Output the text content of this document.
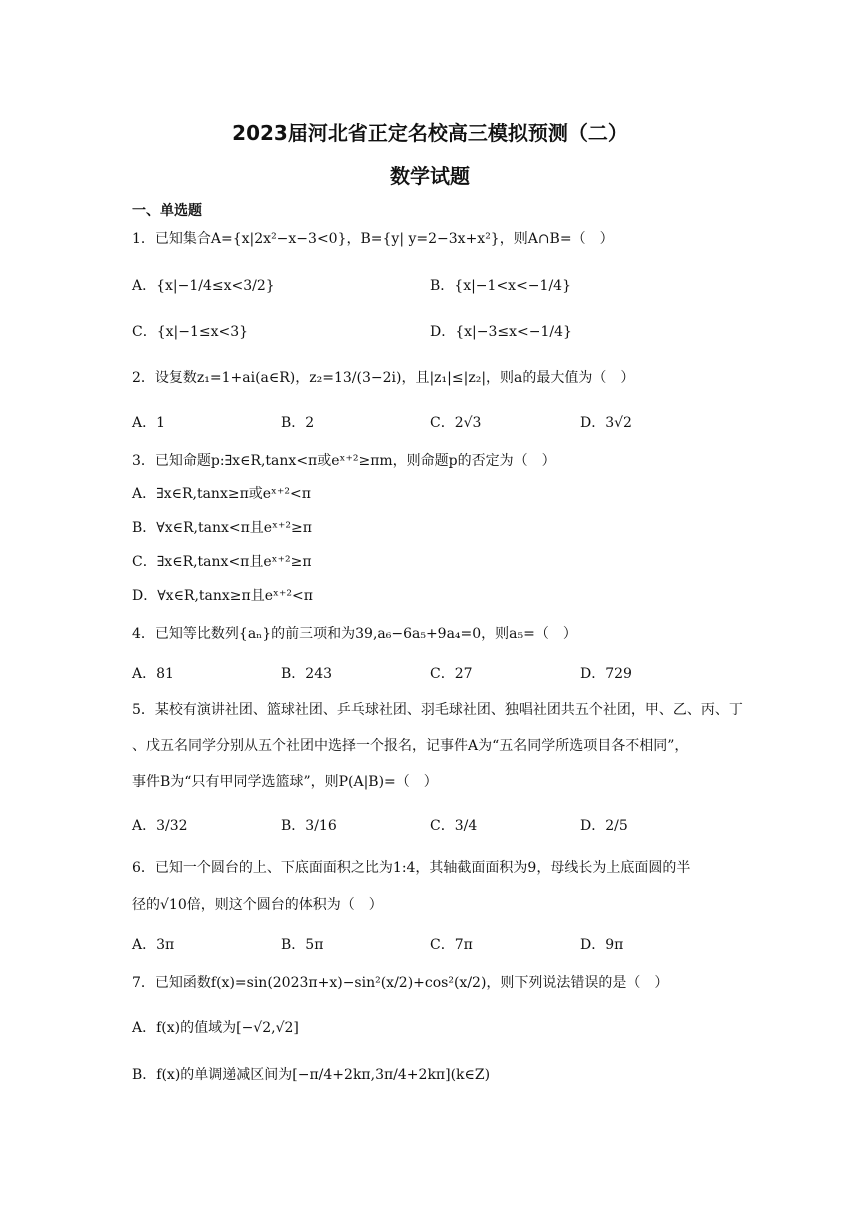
2023届河北省正定名校高三模拟预测（二）
数学试题
一、单选题
1．已知集合A={x|2x²−x−3<0}，B={y| y=2−3x+x²}，则A∩B=（　）
A．{x|−1/4≤x<3/2}	B．{x|−1<x<−1/4}
C．{x|−1≤x<3}	D．{x|−3≤x<−1/4}
2．设复数z₁=1+ai(a∈R)，z₂=13/(3−2i)，且|z₁|≤|z₂|，则a的最大值为（　）
A．1	B．2	C．2√3	D．3√2
3．已知命题p:∃x∈R,tanx<π或eˣ⁺²≥πm，则命题p的否定为（　）
A．∃x∈R,tanx≥π或eˣ⁺²<π
B．∀x∈R,tanx<π且eˣ⁺²≥π
C．∃x∈R,tanx<π且eˣ⁺²≥π
D．∀x∈R,tanx≥π且eˣ⁺²<π
4．已知等比数列{aₙ}的前三项和为39,a₆−6a₅+9a₄=0，则a₅=（　）
A．81	B．243	C．27	D．729
5．某校有演讲社团、篮球社团、乒乓球社团、羽毛球社团、独唱社团共五个社团，甲、乙、丙、丁
、戊五名同学分别从五个社团中选择一个报名，记事件A为“五名同学所选项目各不相同”，
事件B为“只有甲同学选篮球”，则P(A|B)=（　）
A．3/32	B．3/16	C．3/4	D．2/5
6．已知一个圆台的上、下底面面积之比为1:4，其轴截面面积为9，母线长为上底面圆的半
径的√10倍，则这个圆台的体积为（　）
A．3π	B．5π	C．7π	D．9π
7．已知函数f(x)=sin(2023π+x)−sin²(x/2)+cos²(x/2)，则下列说法错误的是（　）
A．f(x)的值域为[−√2,√2]
B．f(x)的单调递减区间为[−π/4+2kπ,3π/4+2kπ](k∈Z)
